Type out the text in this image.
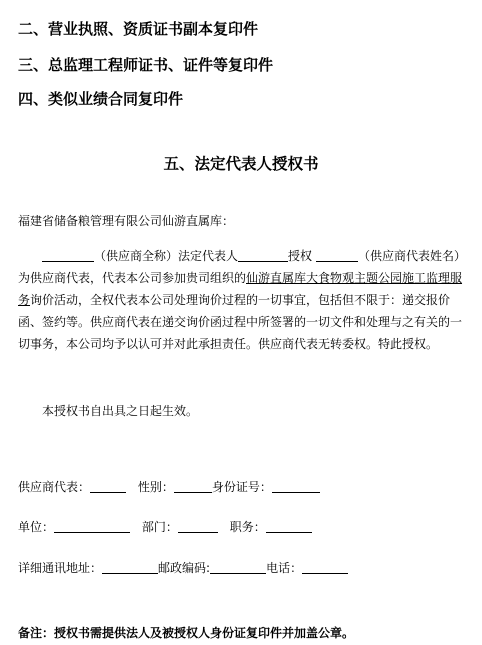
二、营业执照、资质证书副本复印件
三、总监理工程师证书、证件等复印件
四、类似业绩合同复印件
五、法定代表人授权书
福建省储备粮管理有限公司仙游直属库：
（供应商全称）法定代表人	授权	（供应商代表姓名）为供应商代表，代表本公司参加贵司组织的仙游直属库大食物观主题公园施工监理服务询价活动，全权代表本公司处理询价过程的一切事宜，包括但不限于：递交报价函、签约等。供应商代表在递交询价函过程中所签署的一切文件和处理与之有关的一切事务，本公司均予以认可并对此承担责任。供应商代表无转委权。特此授权。
本授权书自出具之日起生效。
供应商代表：	性别：	身份证号：
单位：	部门：	职务：
详细通讯地址：	邮政编码:	电话：
备注：授权书需提供法人及被授权人身份证复印件并加盖公章。
